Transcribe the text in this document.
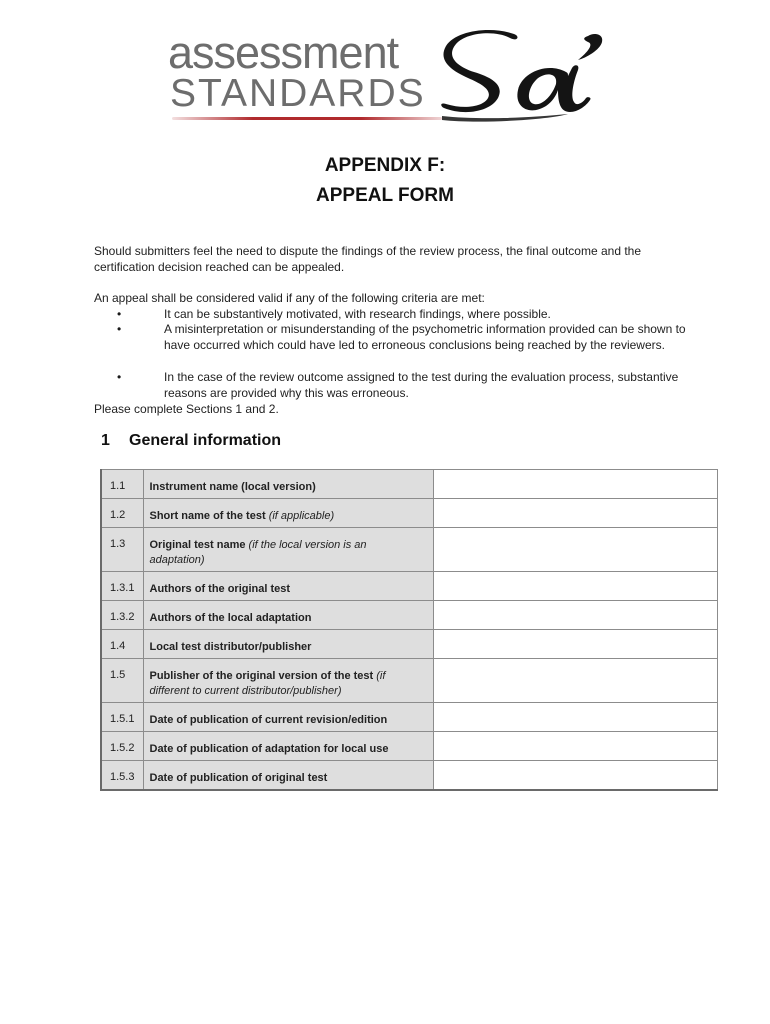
assessment
STANDARDS
APPENDIX F:
APPEAL FORM
Should submitters feel the need to dispute the findings of the review process, the final outcome and the certification decision reached can be appealed.
An appeal shall be considered valid if any of the following criteria are met:
•	It can be substantively motivated, with research findings, where possible.
•	A misinterpretation or misunderstanding of the psychometric information provided can be shown to have occurred which could have led to erroneous conclusions being reached by the reviewers.
•	In the case of the review outcome assigned to the test during the evaluation process, substantive reasons are provided why this was erroneous.
Please complete Sections 1 and 2.
1 General information
1.1	Instrument name (local version)	
1.2	Short name of the test (if applicable)	
1.3	Original test name (if the local version is an adaptation)	
1.3.1	Authors of the original test	
1.3.2	Authors of the local adaptation	
1.4	Local test distributor/publisher	
1.5	Publisher of the original version of the test (if different to current distributor/publisher)	
1.5.1	Date of publication of current revision/edition	
1.5.2	Date of publication of adaptation for local use	
1.5.3	Date of publication of original test	
